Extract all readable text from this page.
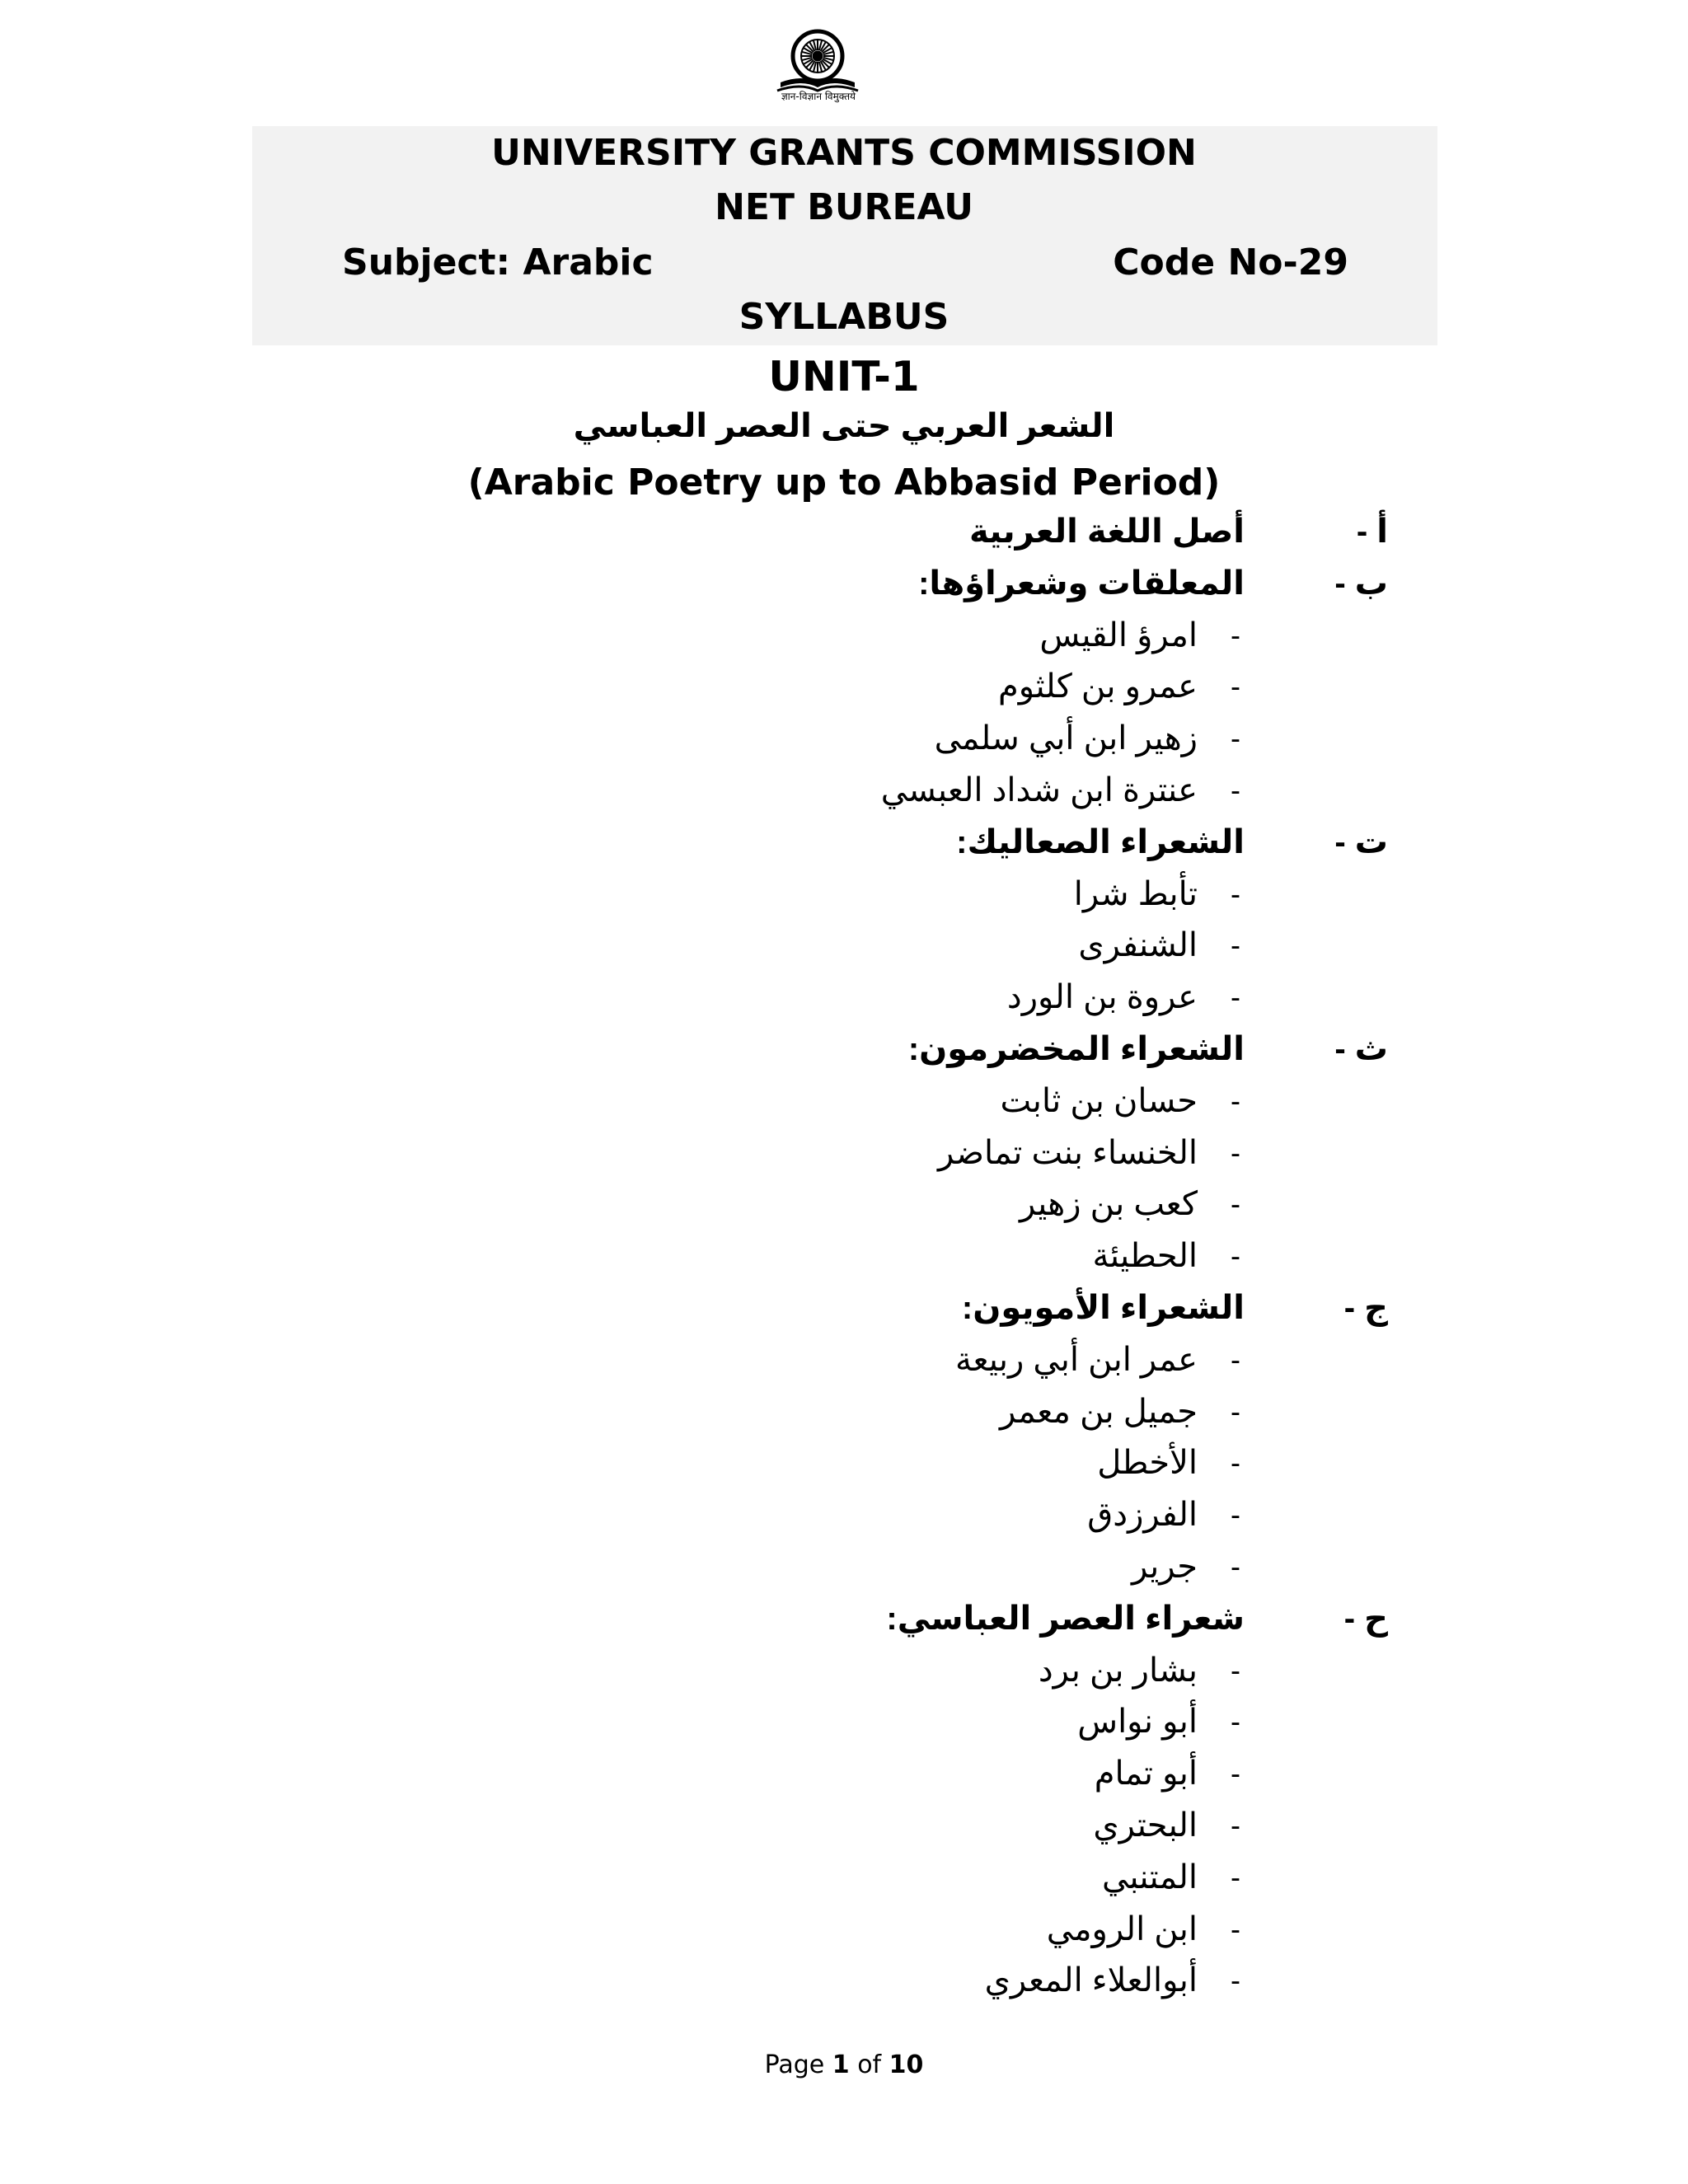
ज्ञान-विज्ञान विमुक्तये
UNIVERSITY GRANTS COMMISSION
NET BUREAU
Subject: Arabic	Code No-29
SYLLABUS
UNIT-1
الشعر العربي حتى العصر العباسي
(Arabic Poetry up to Abbasid Period)
أ -
أصل اللغة العربية
ب -
المعلقات وشعراؤها:
-
امرؤ القيس
-
عمرو بن كلثوم
-
زهير ابن أبي سلمى
-
عنترة ابن شداد العبسي
ت -
الشعراء الصعاليك:
-
تأبط شرا
-
الشنفرى
-
عروة بن الورد
ث -
الشعراء المخضرمون:
-
حسان بن ثابت
-
الخنساء بنت تماضر
-
كعب بن زهير
-
الحطيئة
ج -
الشعراء الأمويون:
-
عمر ابن أبي ربيعة
-
جميل بن معمر
-
الأخطل
-
الفرزدق
-
جرير
ح -
شعراء العصر العباسي:
-
بشار بن برد
-
أبو نواس
-
أبو تمام
-
البحتري
-
المتنبي
-
ابن الرومي
-
أبوالعلاء المعري
Page 1 of 10
